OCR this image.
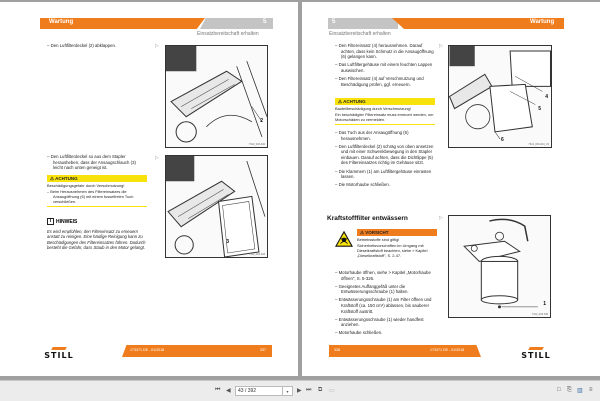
Wartung	5
Einsatzbereitschaft erhalten
– Den Luftfilterdeckel (2) abklappen.	▷
2
7312_003-042
– Den Luftfilterdeckel so aus dem Stapler herausheben, dass der Ansaugschlauch (3) leicht nach unten geneigt ist.
▷
⚠ ACHTUNG
Beschädigungsgefahr durch Verschmutzung!
– Beim Herausnehmen des Filtereinsatzes die Ansaugöffnung (6) mit einem fusselfreien Tuch verschließen.
i HINWEIS
Es wird empfohlen, den Filtereinsatz zu erneuern anstatt zu reinigen. Eine häufige Reinigung kann zu Beschädigungen des Filtereinsatzes führen. Dadurch besteht die Gefahr, dass Staub in den Motor gelangt.
3
7312_003-043
173371 DE - 01/2018	337
STILL
5	Wartung
Einsatzbereitschaft erhalten
– Den Filtereinsatz (4) herausnehmen. Darauf achten, dass kein Schmutz in die Ansaugöffnung (6) gelangen kann.
– Das Luftfiltergehäuse mit einem feuchten Lappen auswischen.
– Den Filtereinsatz (4) auf Verschmutzung und Beschädigung prüfen, ggf. erneuern.
▷
⚠ ACHTUNG
Bauteilbeschädigung durch Verschmutzung!
Ein beschädigter Filtereinsatz muss erneuert werden, um Motorschäden zu vermeiden.
– Das Tuch aus der Ansaugöffnung (6) herausnehmen.
– Den Luftfilterdeckel (2) schräg von oben ansetzen und mit einer Schwenkbewegung in den Stapler einbauen. Darauf achten, dass die Dichtlippe (5) des Filtereinsatzes richtig im Gehäuse sitzt.
– Die Klammern (1) am Luftfiltergehäuse einrasten lassen.
– Die Motorhaube schließen.
4
5
6
7312_003-044_V2
Kraftstofffilter entwässern	▷
⚠ VORSICHT
Betriebsstoffe sind giftig!
Sicherheitsvorschriften im Umgang mit Dieselkraftstoff beachten, siehe » Kapitel „Dieselkraftstoff", S. 2-47.
– Motorhaube öffnen, siehe > Kapitel „Motorhaube öffnen", S. 5-326.
– Geeignetes Auffanggefäß unter die Entwässerungsschraube (1) halten.
– Entwässerungsschraube (1) am Filter öffnen und Kraftstoff (ca. 150 cm³) ablassen, bis sauberer Kraftstoff austritt.
– Entwässerungsschraube (1) wieder handfest anziehen.
– Motorhaube schließen.
1
7312_003-045
338	173371 DE - 01/2018
STILL
⏮ ◀
43 / 392	▾	▶ ⏭ ⧉ ▭	□ ⎘ ▥ ≡
